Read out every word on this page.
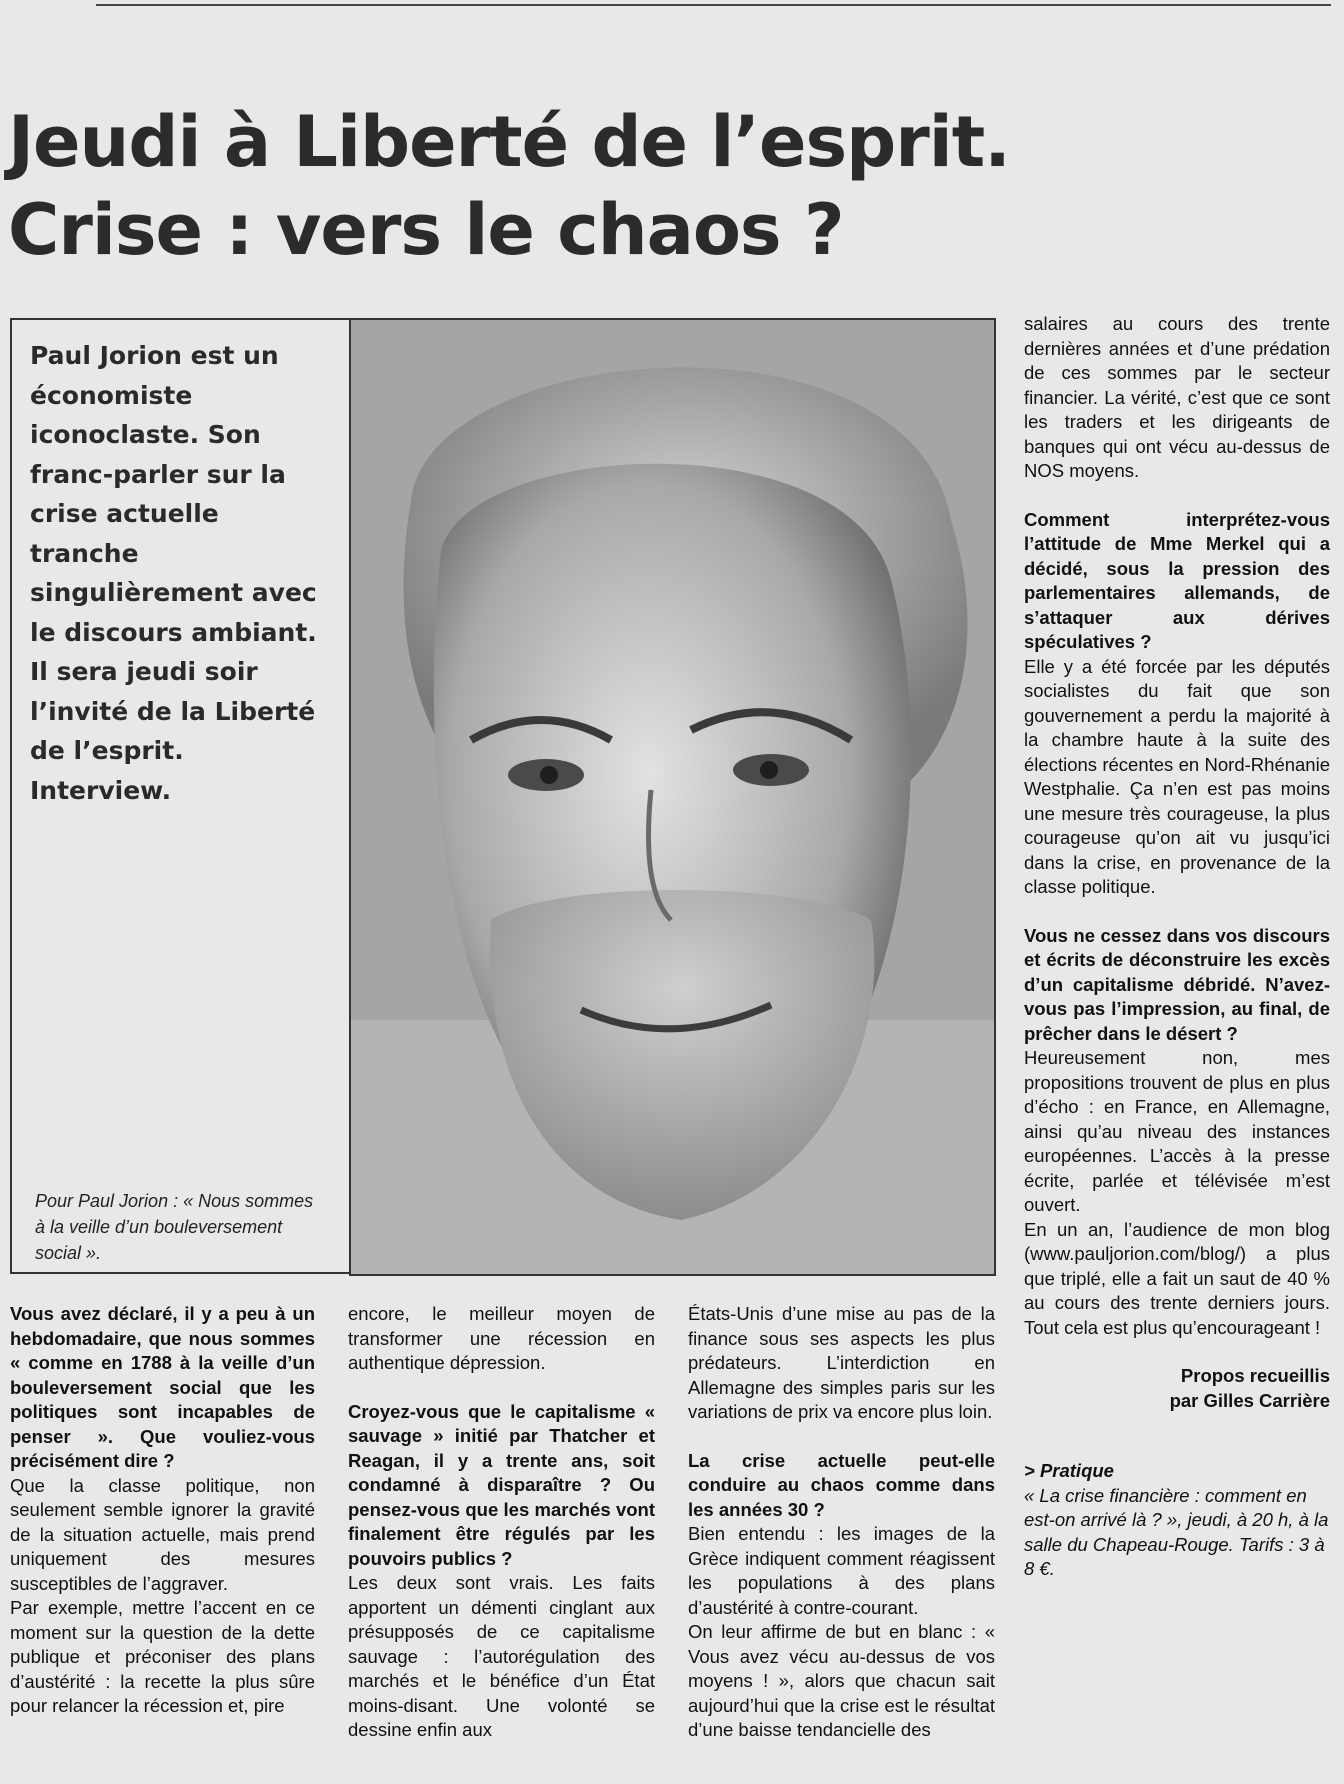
Jeudi à Liberté de l’esprit.
Crise : vers le chaos ?

Paul Jorion est un économiste iconoclaste. Son franc-parler sur la crise actuelle tranche singulièrement avec le discours ambiant. Il sera jeudi soir l’invité de la Liberté de l’esprit. Interview.

Pour Paul Jorion : « Nous sommes à la veille d’un bouleversement social ».

Vous avez déclaré, il y a peu à un hebdomadaire, que nous sommes « comme en 1788 à la veille d’un bouleversement social que les politiques sont incapables de penser ». Que vouliez-vous précisément dire ?

Que la classe politique, non seulement semble ignorer la gravité de la situation actuelle, mais prend uniquement des mesures susceptibles de l’aggraver.

Par exemple, mettre l’accent en ce moment sur la question de la dette publique et préconiser des plans d’austérité : la recette la plus sûre pour relancer la récession et, pire

encore, le meilleur moyen de transformer une récession en authentique dépression.

Croyez-vous que le capitalisme « sauvage » initié par Thatcher et Reagan, il y a trente ans, soit condamné à disparaître ? Ou pensez-vous que les marchés vont finalement être régulés par les pouvoirs publics ?

Les deux sont vrais. Les faits apportent un démenti cinglant aux présupposés de ce capitalisme sauvage : l’autorégulation des marchés et le bénéfice d’un État moins-disant. Une volonté se dessine enfin aux

États-Unis d’une mise au pas de la finance sous ses aspects les plus prédateurs. L’interdiction en Allemagne des simples paris sur les variations de prix va encore plus loin.

La crise actuelle peut-elle conduire au chaos comme dans les années 30 ?

Bien entendu : les images de la Grèce indiquent comment réagissent les populations à des plans d’austérité à contre-courant.

On leur affirme de but en blanc : « Vous avez vécu au-dessus de vos moyens ! », alors que chacun sait aujourd’hui que la crise est le résultat d’une baisse tendancielle des

salaires au cours des trente dernières années et d’une prédation de ces sommes par le secteur financier. La vérité, c’est que ce sont les traders et les dirigeants de banques qui ont vécu au-dessus de NOS moyens.

Comment interprétez-vous l’attitude de Mme Merkel qui a décidé, sous la pression des parlementaires allemands, de s’attaquer aux dérives spéculatives ?

Elle y a été forcée par les députés socialistes du fait que son gouvernement a perdu la majorité à la chambre haute à la suite des élections récentes en Nord-Rhénanie Westphalie. Ça n’en est pas moins une mesure très courageuse, la plus courageuse qu’on ait vu jusqu’ici dans la crise, en provenance de la classe politique.

Vous ne cessez dans vos discours et écrits de déconstruire les excès d’un capitalisme débridé. N’avez-vous pas l’impression, au final, de prêcher dans le désert ?

Heureusement non, mes propositions trouvent de plus en plus d’écho : en France, en Allemagne, ainsi qu’au niveau des instances européennes. L’accès à la presse écrite, parlée et télévisée m’est ouvert.

En un an, l’audience de mon blog (www.pauljorion.com/blog/) a plus que triplé, elle a fait un saut de 40 % au cours des trente derniers jours. Tout cela est plus qu’encourageant !

Propos recueillis

par Gilles Carrière

> Pratique

« La crise financière : comment en est-on arrivé là ? », jeudi, à 20 h, à la salle du Chapeau-Rouge. Tarifs : 3 à 8 €.
